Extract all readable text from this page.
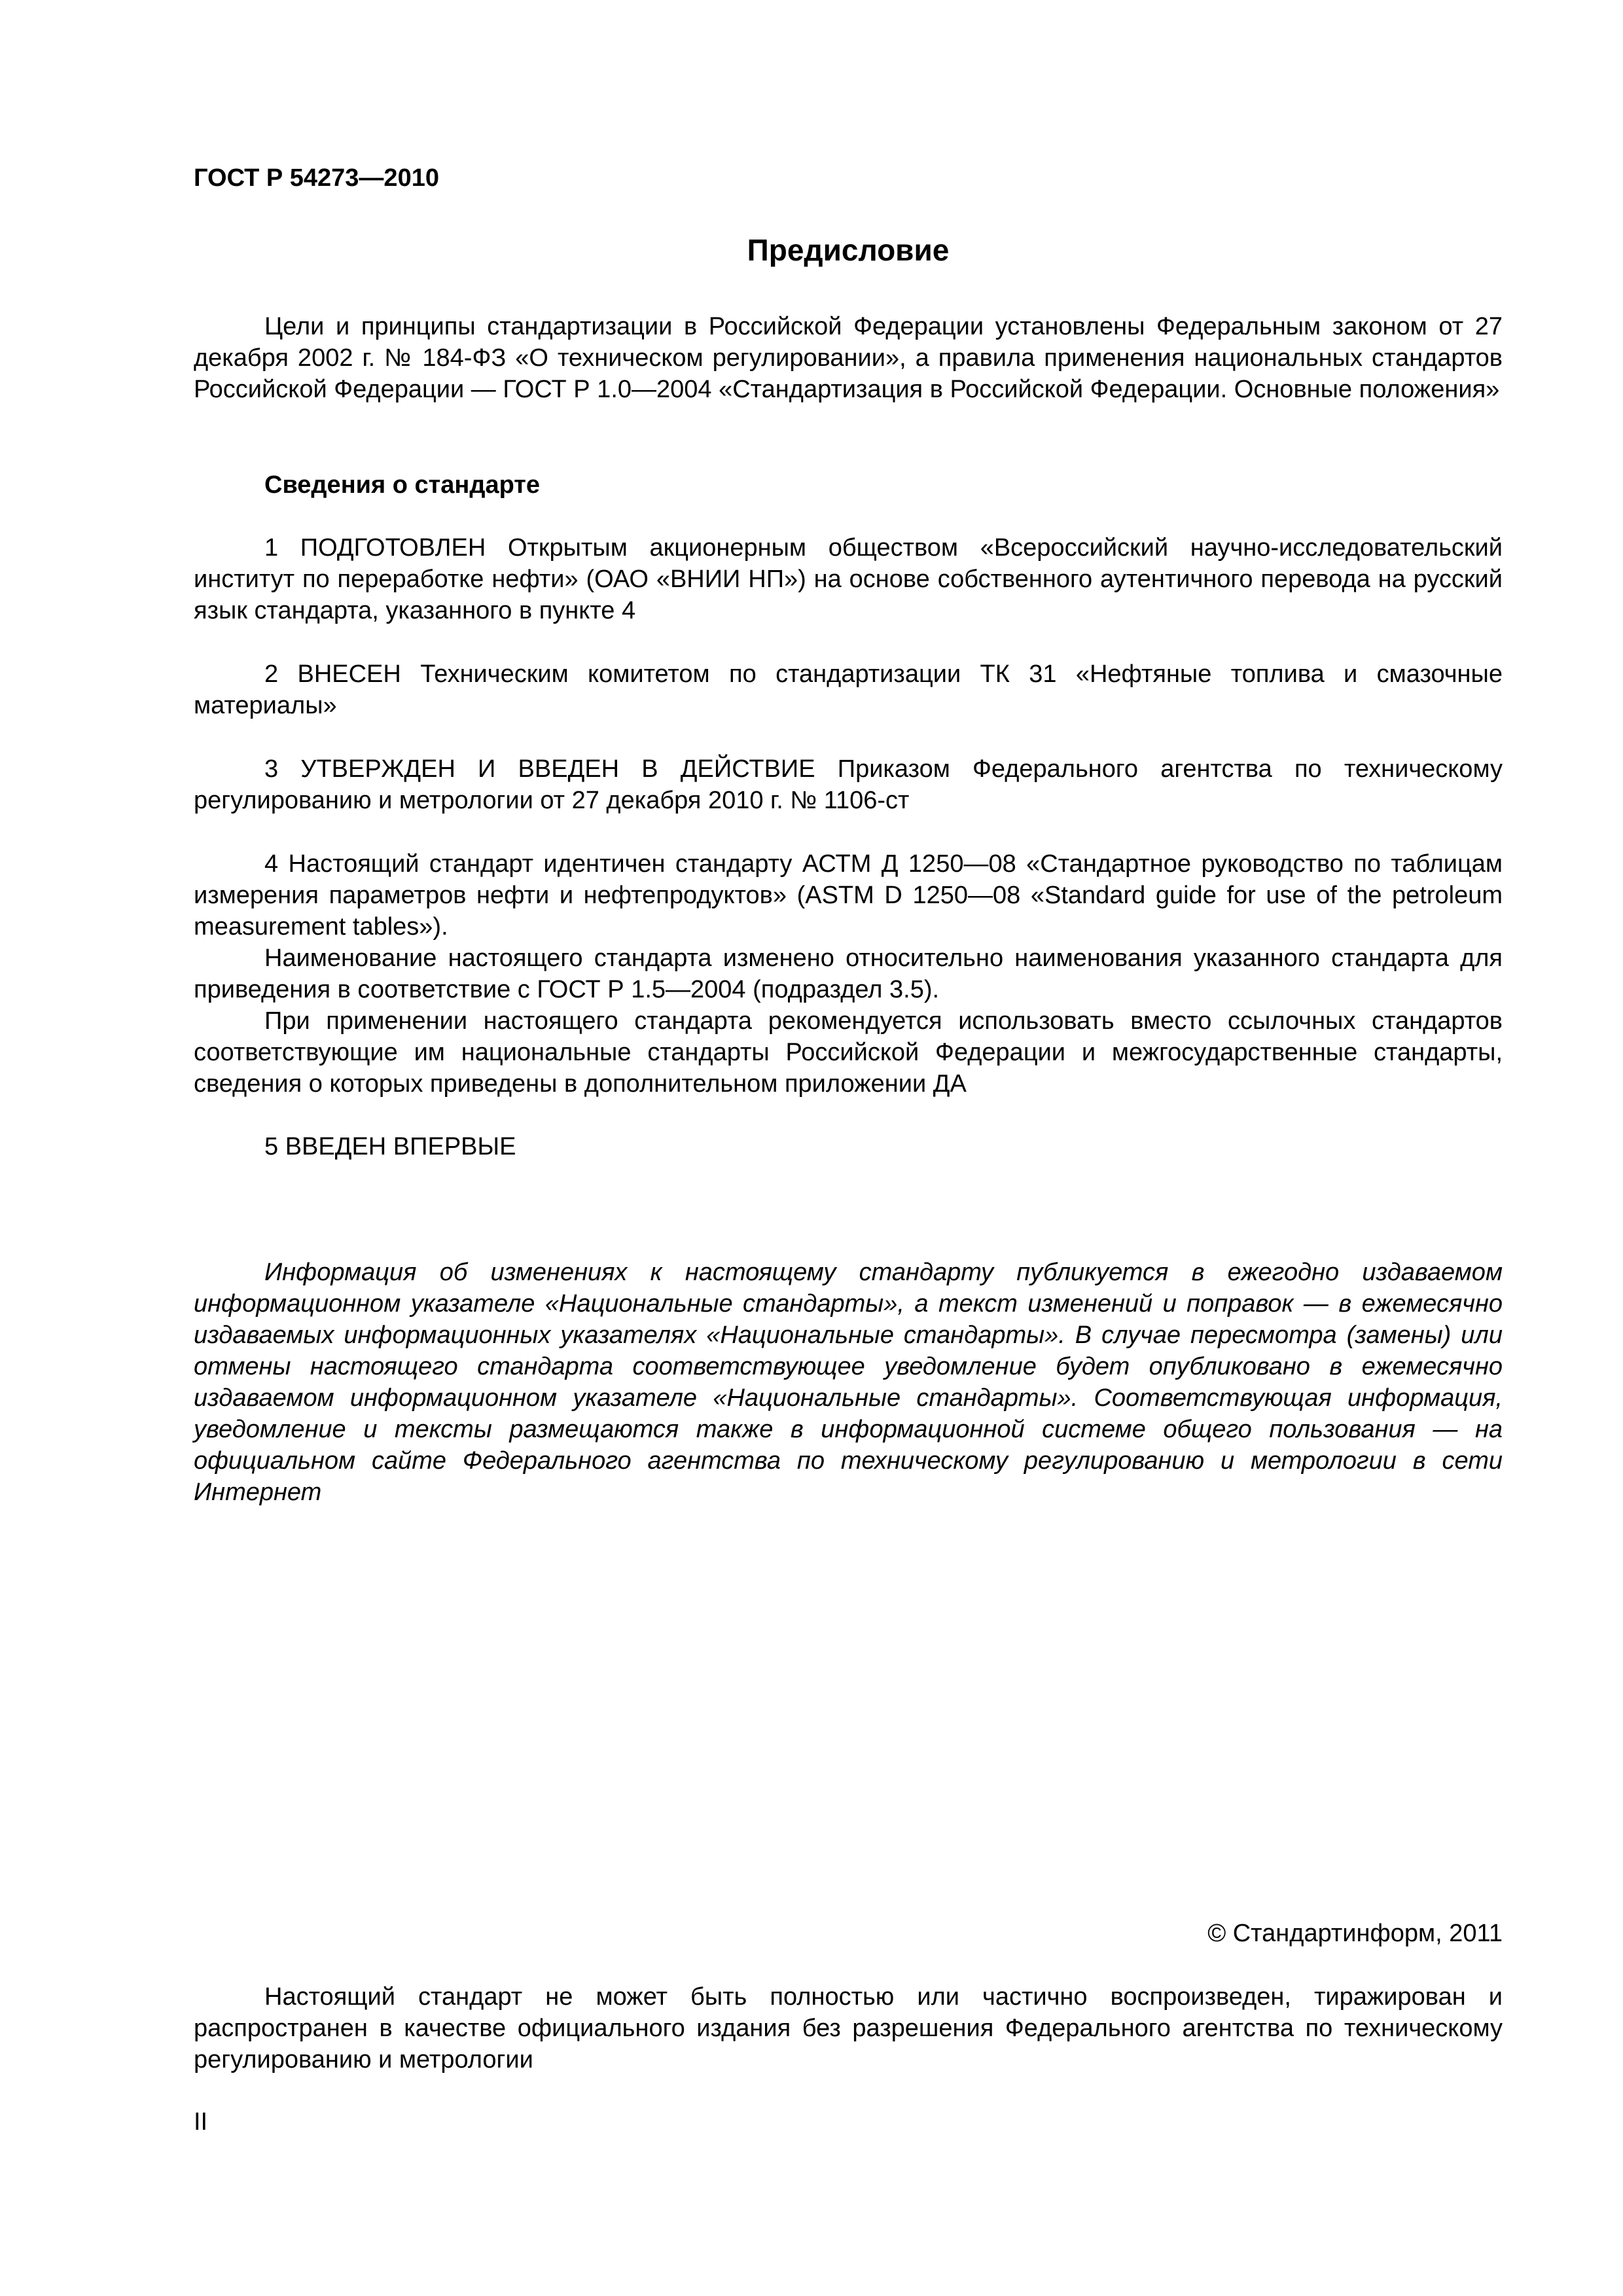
ГОСТ Р 54273—2010
Предисловие

Цели и принципы стандартизации в Российской Федерации установлены Федеральным законом от 27 декабря 2002 г. № 184-ФЗ «О техническом регулировании», а правила применения национальных стандартов Российской Федерации — ГОСТ Р 1.0—2004 «Стандартизация в Российской Федерации. Основные положения»

Сведения о стандарте

1 ПОДГОТОВЛЕН Открытым акционерным обществом «Всероссийский научно-исследовательский институт по переработке нефти» (ОАО «ВНИИ НП») на основе собственного аутентичного перевода на русский язык стандарта, указанного в пункте 4

2 ВНЕСЕН Техническим комитетом по стандартизации ТК 31 «Нефтяные топлива и смазочные материалы»

3 УТВЕРЖДЕН И ВВЕДЕН В ДЕЙСТВИЕ Приказом Федерального агентства по техническому регулированию и метрологии от 27 декабря 2010 г. № 1106-ст

4 Настоящий стандарт идентичен стандарту АСТМ Д 1250—08 «Стандартное руководство по таблицам измерения параметров нефти и нефтепродуктов» (ASTM D 1250—08 «Standard guide for use of the petroleum measurement tables»).

Наименование настоящего стандарта изменено относительно наименования указанного стандарта для приведения в соответствие с ГОСТ Р 1.5—2004 (подраздел 3.5).

При применении настоящего стандарта рекомендуется использовать вместо ссылочных стандартов соответствующие им национальные стандарты Российской Федерации и межгосударственные стандарты, сведения о которых приведены в дополнительном приложении ДА

5 ВВЕДЕН ВПЕРВЫЕ

Информация об изменениях к настоящему стандарту публикуется в ежегодно издаваемом информационном указателе «Национальные стандарты», а текст изменений и поправок — в ежемесячно издаваемых информационных указателях «Национальные стандарты». В случае пересмотра (замены) или отмены настоящего стандарта соответствующее уведомление будет опубликовано в ежемесячно издаваемом информационном указателе «Национальные стандарты». Соответствующая информация, уведомление и тексты размещаются также в информационной системе общего пользования — на официальном сайте Федерального агентства по техническому регулированию и метрологии в сети Интернет

© Стандартинформ, 2011

Настоящий стандарт не может быть полностью или частично воспроизведен, тиражирован и распространен в качестве официального издания без разрешения Федерального агентства по техническому регулированию и метрологии

II
